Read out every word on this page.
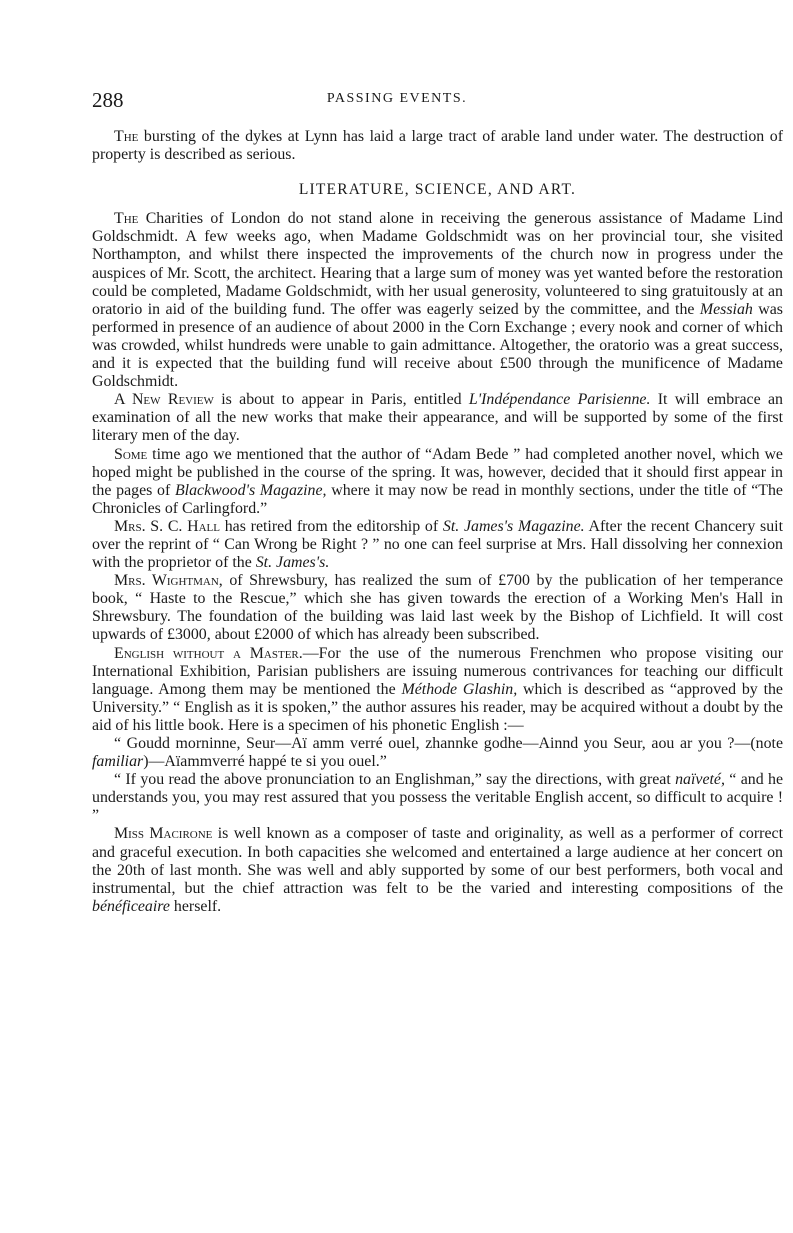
288	PASSING EVENTS.

The bursting of the dykes at Lynn has laid a large tract of arable land under water. The destruction of property is described as serious.

LITERATURE, SCIENCE, AND ART.

The Charities of London do not stand alone in receiving the generous assistance of Madame Lind Goldschmidt. A few weeks ago, when Madame Goldschmidt was on her provincial tour, she visited Northampton, and whilst there inspected the improvements of the church now in progress under the auspices of Mr. Scott, the architect. Hearing that a large sum of money was yet wanted before the restoration could be completed, Madame Goldschmidt, with her usual generosity, volunteered to sing gratuitously at an oratorio in aid of the building fund. The offer was eagerly seized by the committee, and the Messiah was performed in presence of an audience of about 2000 in the Corn Exchange ; every nook and corner of which was crowded, whilst hundreds were unable to gain admittance. Altogether, the oratorio was a great success, and it is expected that the building fund will receive about £500 through the munificence of Madame Goldschmidt.

A New Review is about to appear in Paris, entitled L'Indépendance Parisienne. It will embrace an examination of all the new works that make their appearance, and will be supported by some of the first literary men of the day.

Some time ago we mentioned that the author of “Adam Bede ” had completed another novel, which we hoped might be published in the course of the spring. It was, however, decided that it should first appear in the pages of Blackwood's Magazine, where it may now be read in monthly sections, under the title of “The Chronicles of Carlingford.”

Mrs. S. C. Hall has retired from the editorship of St. James's Magazine. After the recent Chancery suit over the reprint of “ Can Wrong be Right ? ” no one can feel surprise at Mrs. Hall dissolving her connexion with the proprietor of the St. James's.

Mrs. Wightman, of Shrewsbury, has realized the sum of £700 by the publication of her temperance book, “ Haste to the Rescue,” which she has given towards the erection of a Working Men's Hall in Shrewsbury. The foundation of the building was laid last week by the Bishop of Lichfield. It will cost upwards of £3000, about £2000 of which has already been subscribed.

English without a Master.—For the use of the numerous Frenchmen who propose visiting our International Exhibition, Parisian publishers are issuing numerous contrivances for teaching our difficult language. Among them may be mentioned the Méthode Glashin, which is described as “approved by the University.” “ English as it is spoken,” the author assures his reader, may be acquired without a doubt by the aid of his little book. Here is a specimen of his phonetic English :—

“ Goudd morninne, Seur—Aï amm verré ouel, zhannke godhe—Ainnd you Seur, aou ar you ?—(note familiar)—Aïammverré happé te si you ouel.”

“ If you read the above pronunciation to an Englishman,” say the directions, with great naïveté, “ and he understands you, you may rest assured that you possess the veritable English accent, so difficult to acquire ! ”

Miss Macirone is well known as a composer of taste and originality, as well as a performer of correct and graceful execution. In both capacities she welcomed and entertained a large audience at her concert on the 20th of last month. She was well and ably supported by some of our best performers, both vocal and instrumental, but the chief attraction was felt to be the varied and interesting compositions of the bénéficeaire herself.
